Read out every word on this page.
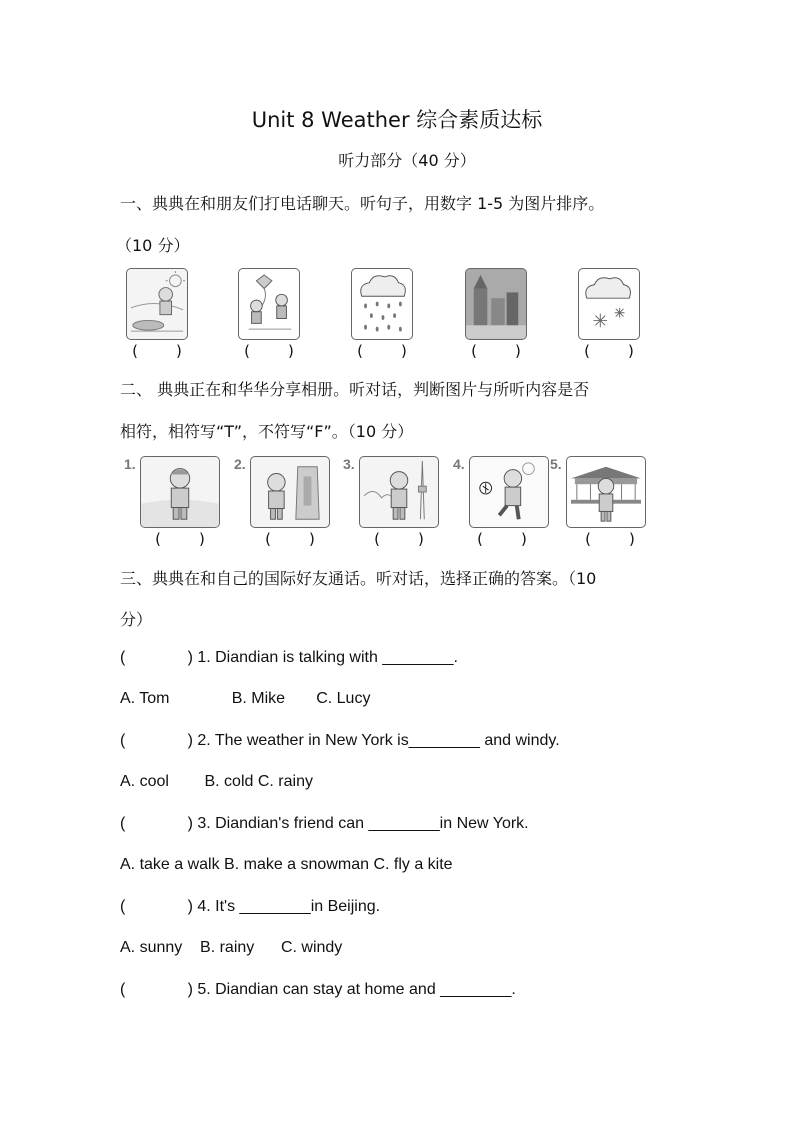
Unit 8 Weather 综合素质达标
听力部分（40 分）
一、典典在和朋友们打电话聊天。听句子，用数字 1-5 为图片排序。
（10 分）
(        )	(        )	(        )	(        )	(        )
二、 典典正在和华华分享相册。听对话，判断图片与所听内容是否
相符，相符写“T”，不符写“F”。（10 分）
1.
(        )
2.
(        )
3.
(        )
4.
(        )
5.
(        )
三、典典在和自己的国际好友通话。听对话，选择正确的答案。（10
分）
(              ) 1. Diandian is talking with ________.
A. Tom              B. Mike       C. Lucy
(              ) 2. The weather in New York is________ and windy.
A. cool        B. cold C. rainy
(              ) 3. Diandian's friend can ________in New York.
A. take a walk B. make a snowman C. fly a kite
(              ) 4. It's ________in Beijing.
A. sunny    B. rainy      C. windy
(              ) 5. Diandian can stay at home and ________.
